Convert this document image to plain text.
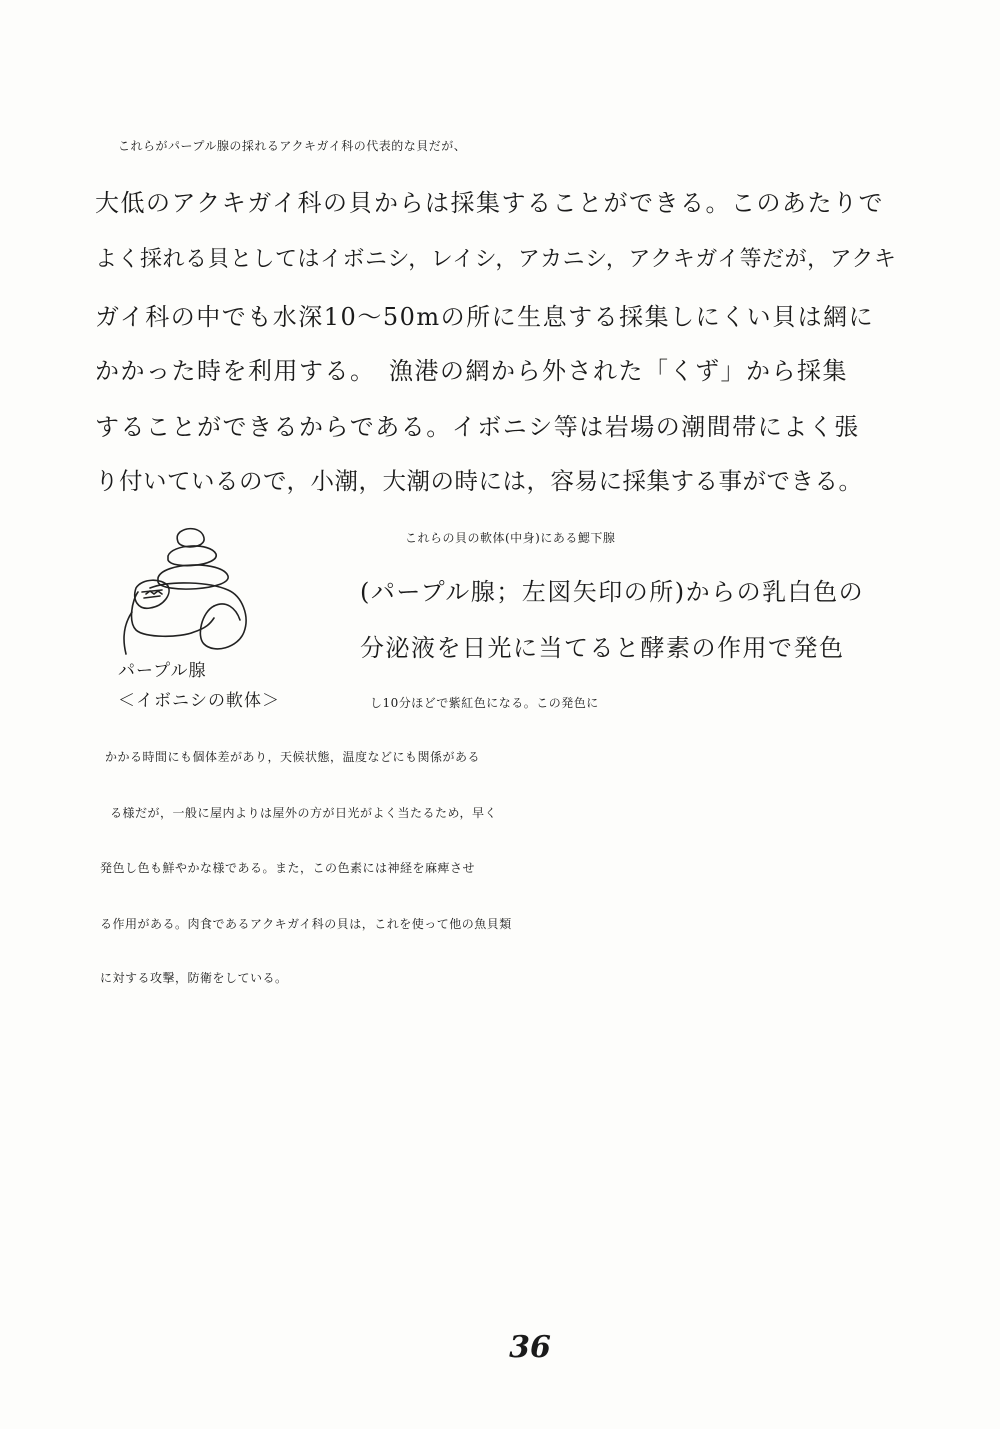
これらがパープル腺の採れるアクキガイ科の代表的な貝だが、
大低のアクキガイ科の貝からは採集することができる。このあたりで
よく採れる貝としてはイボニシ，レイシ，アカニシ，アクキガイ等だが，アクキ
ガイ科の中でも水深10〜50mの所に生息する採集しにくい貝は網に
かかった時を利用する。　漁港の網から外された「くず」から採集
することができるからである。イボニシ等は岩場の潮間帯によく張
り付いているので，小潮，大潮の時には，容易に採集する事ができる。
パープル腺
＜イボニシの軟体＞
これらの貝の軟体(中身)にある鰓下腺
(パープル腺；左図矢印の所)からの乳白色の
分泌液を日光に当てると酵素の作用で発色
し10分ほどで紫紅色になる。この発色に
かかる時間にも個体差があり，天候状態，温度などにも関係がある
る様だが，一般に屋内よりは屋外の方が日光がよく当たるため，早く
発色し色も鮮やかな様である。また，この色素には神経を麻痺させ
る作用がある。肉食であるアクキガイ科の貝は，これを使って他の魚貝類
に対する攻撃，防衛をしている。
36
